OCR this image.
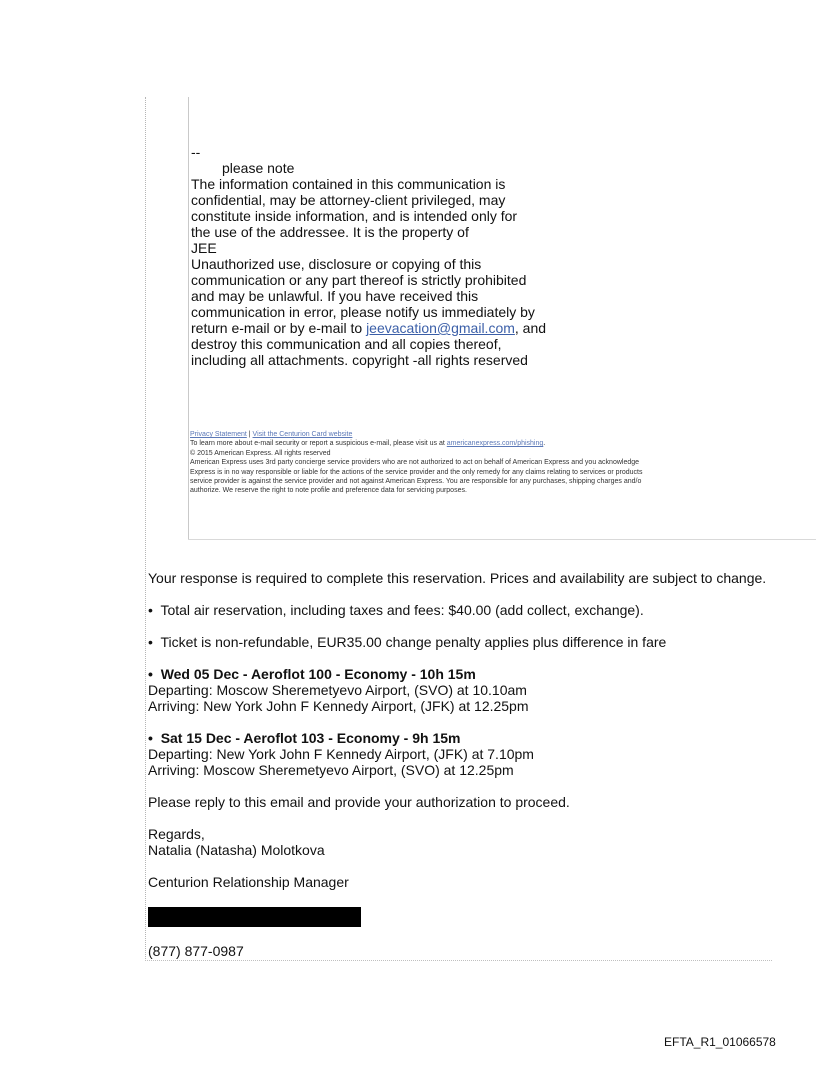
--
please note
The information contained in this communication is
confidential, may be attorney-client privileged, may
constitute inside information, and is intended only for
the use of the addressee. It is the property of
JEE
Unauthorized use, disclosure or copying of this
communication or any part thereof is strictly prohibited
and may be unlawful. If you have received this
communication in error, please notify us immediately by
return e-mail or by e-mail to jeevacation@gmail.com, and
destroy this communication and all copies thereof,
including all attachments. copyright -all rights reserved
Privacy Statement | Visit the Centurion Card website
To learn more about e-mail security or report a suspicious e-mail, please visit us at americanexpress.com/phishing.
© 2015 American Express. All rights reserved
American Express uses 3rd party concierge service providers who are not authorized to act on behalf of American Express and you acknowledge
Express is in no way responsible or liable for the actions of the service provider and the only remedy for any claims relating to services or products
service provider is against the service provider and not against American Express. You are responsible for any purchases, shipping charges and/o
authorize. We reserve the right to note profile and preference data for servicing purposes.

Your response is required to complete this reservation. Prices and availability are subject to change.

• Total air reservation, including taxes and fees: $40.00 (add collect, exchange).

• Ticket is non-refundable, EUR35.00 change penalty applies plus difference in fare

• Wed 05 Dec - Aeroflot 100 - Economy - 10h 15m

Departing: Moscow Sheremetyevo Airport, (SVO) at 10.10am

Arriving: New York John F Kennedy Airport, (JFK) at 12.25pm

• Sat 15 Dec - Aeroflot 103 - Economy - 9h 15m

Departing: New York John F Kennedy Airport, (JFK) at 7.10pm

Arriving: Moscow Sheremetyevo Airport, (SVO) at 12.25pm

Please reply to this email and provide your authorization to proceed.

Regards,

Natalia (Natasha) Molotkova

Centurion Relationship Manager

(877) 877-0987

EFTA_R1_01066578
